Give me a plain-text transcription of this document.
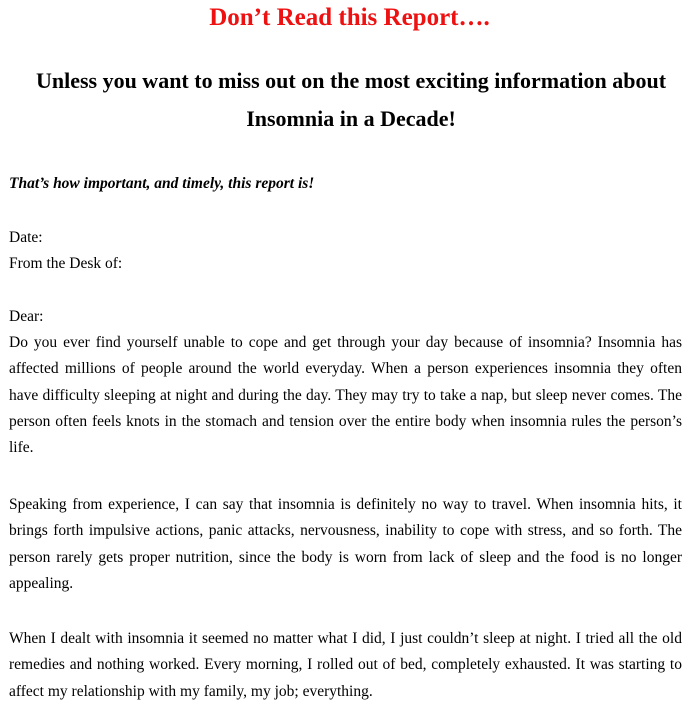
Don’t Read this Report….
Unless you want to miss out on the most exciting information about Insomnia in a Decade!

That’s how important, and timely, this report is!

Date:

From the Desk of:

Dear:

Do you ever find yourself unable to cope and get through your day because of insomnia? Insomnia has affected millions of people around the world everyday. When a person experiences insomnia they often have difficulty sleeping at night and during the day. They may try to take a nap, but sleep never comes. The person often feels knots in the stomach and tension over the entire body when insomnia rules the person’s life.

Speaking from experience, I can say that insomnia is definitely no way to travel. When insomnia hits, it brings forth impulsive actions, panic attacks, nervousness, inability to cope with stress, and so forth. The person rarely gets proper nutrition, since the body is worn from lack of sleep and the food is no longer appealing.

When I dealt with insomnia it seemed no matter what I did, I just couldn’t sleep at night. I tried all the old remedies and nothing worked. Every morning, I rolled out of bed, completely exhausted. It was starting to affect my relationship with my family, my job; everything.
